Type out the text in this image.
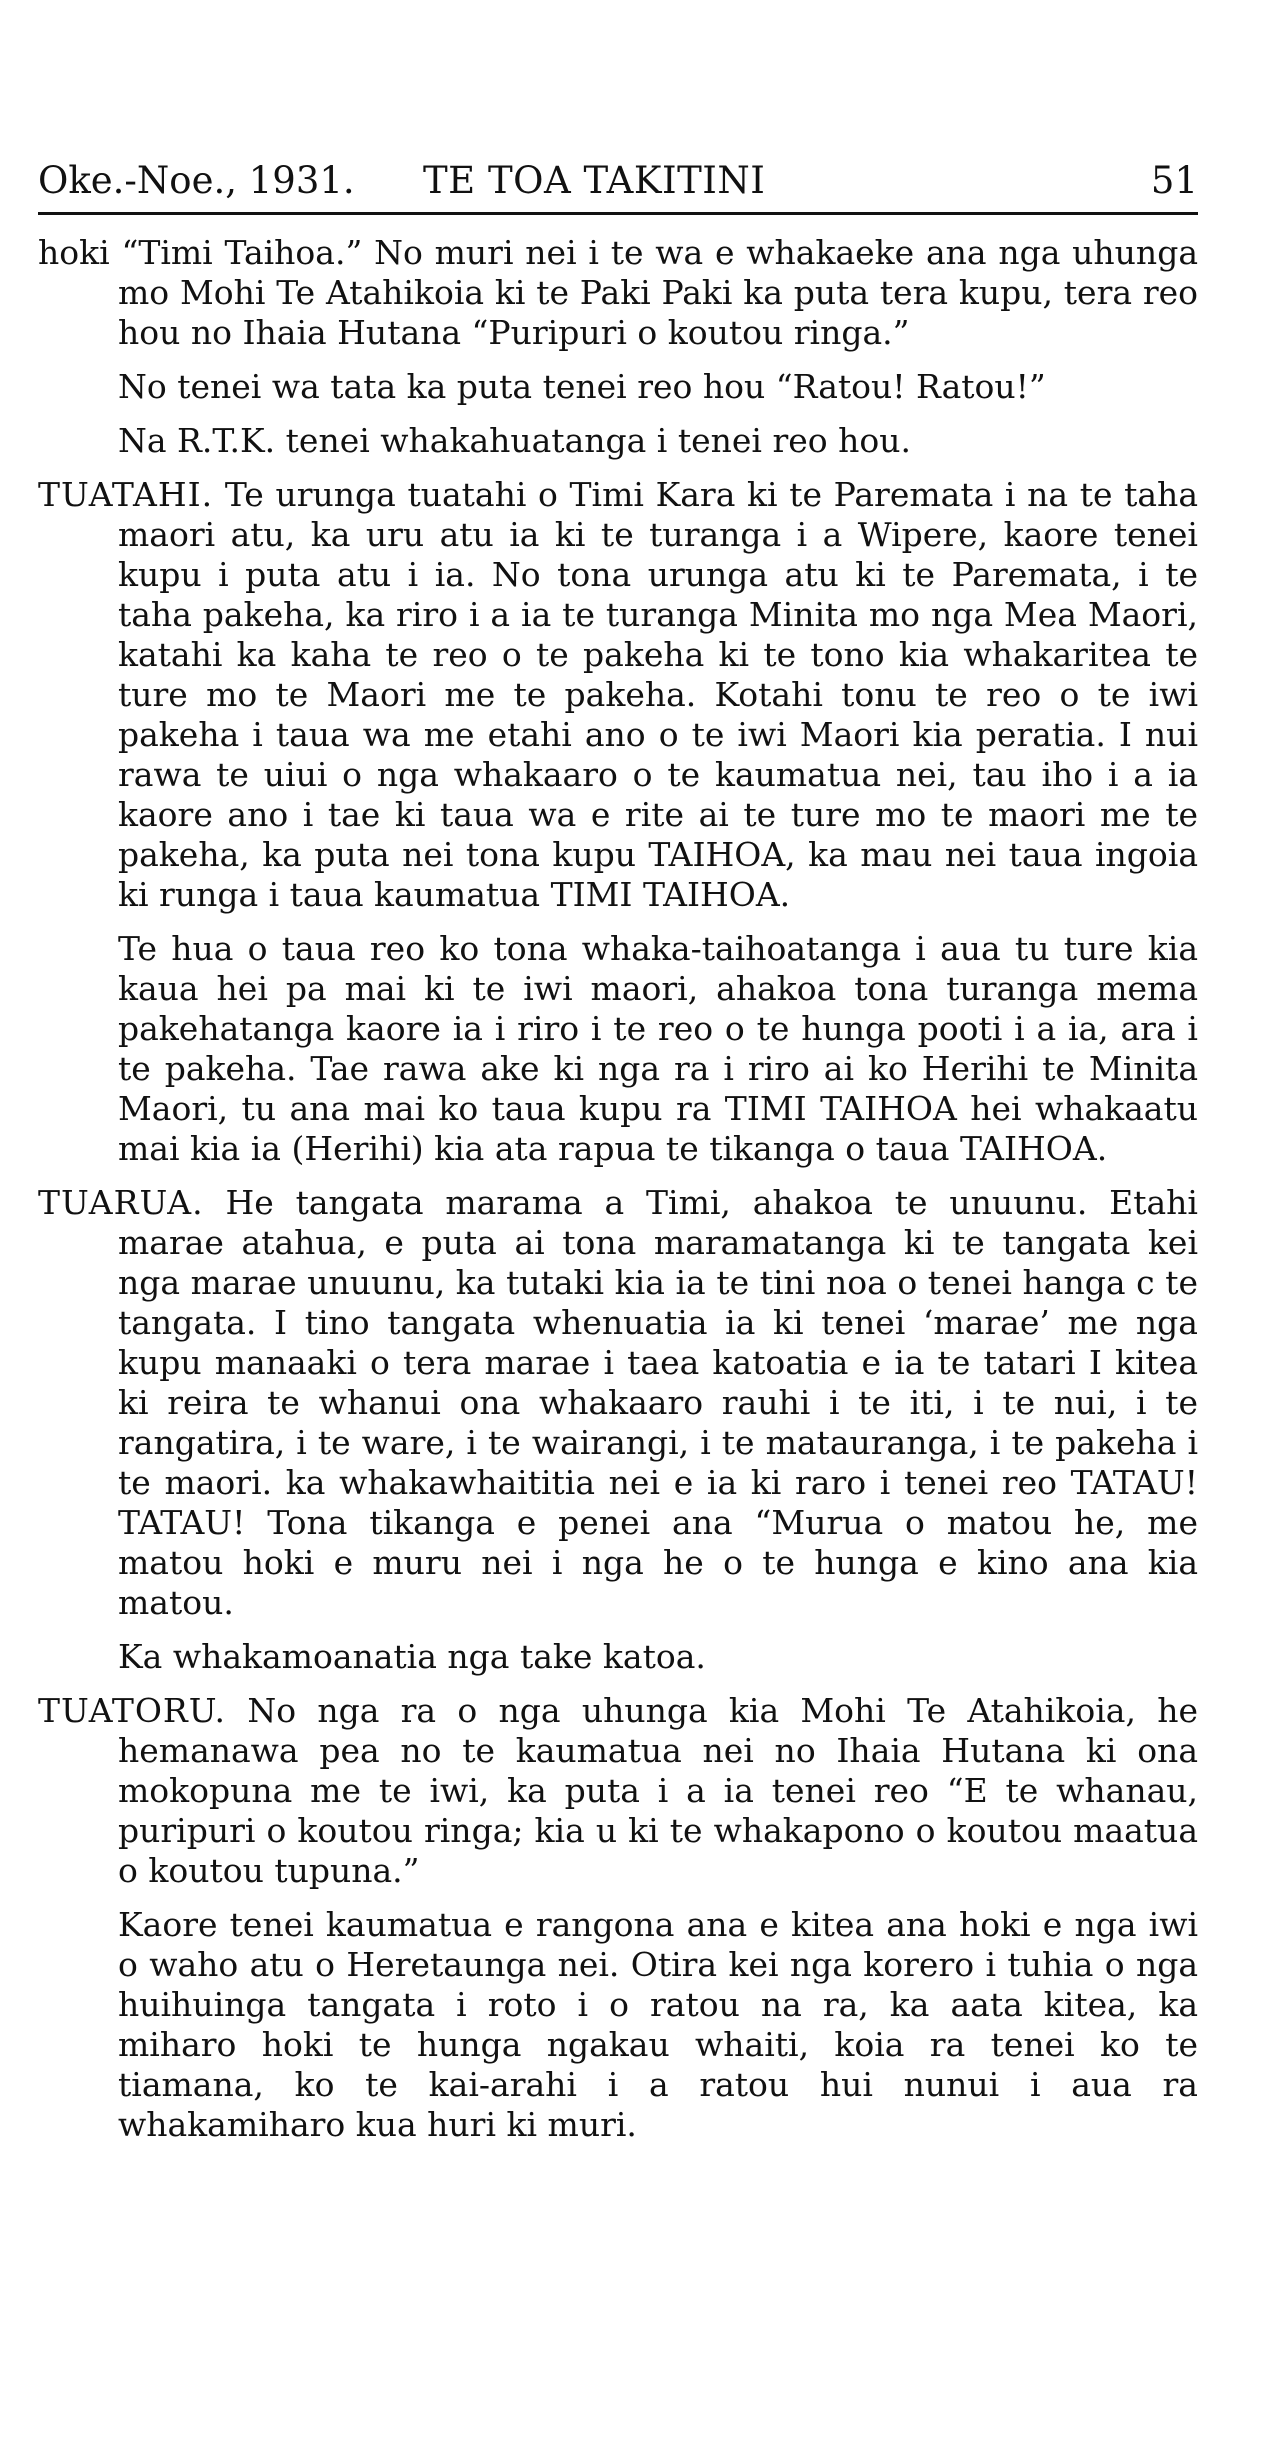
Oke.-Noe., 1931. TE TOA TAKITINI	51

hoki “Timi Taihoa.” No muri nei i te wa e whakaeke ana nga uhunga mo Mohi Te Atahikoia ki te Paki Paki ka puta tera kupu, tera reo hou no Ihaia Hutana “Puripuri o koutou ringa.”

No tenei wa tata ka puta tenei reo hou “Ratou! Ratou!”

Na R.T.K. tenei whakahuatanga i tenei reo hou.

TUATAHI. Te urunga tuatahi o Timi Kara ki te Paremata i na te taha maori atu, ka uru atu ia ki te turanga i a Wipere, kaore tenei kupu i puta atu i ia. No tona urunga atu ki te Paremata, i te taha pakeha, ka riro i a ia te turanga Minita mo nga Mea Maori, katahi ka kaha te reo o te pakeha ki te tono kia whakaritea te ture mo te Maori me te pakeha. Kotahi tonu te reo o te iwi pakeha i taua wa me etahi ano o te iwi Maori kia peratia. I nui rawa te uiui o nga whakaaro o te kaumatua nei, tau iho i a ia kaore ano i tae ki taua wa e rite ai te ture mo te maori me te pakeha, ka puta nei tona kupu TAIHOA, ka mau nei taua ingoia ki runga i taua kaumatua TIMI TAIHOA.

Te hua o taua reo ko tona whaka-taihoatanga i aua tu ture kia kaua hei pa mai ki te iwi maori, ahakoa tona turanga mema pakehatanga kaore ia i riro i te reo o te hunga pooti i a ia, ara i te pakeha. Tae rawa ake ki nga ra i riro ai ko Herihi te Minita Maori, tu ana mai ko taua kupu ra TIMI TAIHOA hei whakaatu mai kia ia (Herihi) kia ata rapua te tikanga o taua TAIHOA.

TUARUA. He tangata marama a Timi, ahakoa te unuunu. Etahi marae atahua, e puta ai tona maramatanga ki te tangata kei nga marae unuunu, ka tutaki kia ia te tini noa o tenei hanga c te tangata. I tino tangata whenuatia ia ki tenei ‘marae’ me nga kupu manaaki o tera marae i taea katoatia e ia te tatari I kitea ki reira te whanui ona whakaaro rauhi i te iti, i te nui, i te rangatira, i te ware, i te wairangi, i te matauranga, i te pakeha i te maori. ka whakawhaititia nei e ia ki raro i tenei reo TATAU! TATAU! Tona tikanga e penei ana “Murua o matou he, me matou hoki e muru nei i nga he o te hunga e kino ana kia matou.

Ka whakamoanatia nga take katoa.

TUATORU. No nga ra o nga uhunga kia Mohi Te Atahikoia, he hemanawa pea no te kaumatua nei no Ihaia Hutana ki ona mokopuna me te iwi, ka puta i a ia tenei reo “E te whanau, puripuri o koutou ringa; kia u ki te whakapono o koutou maatua o koutou tupuna.”

Kaore tenei kaumatua e rangona ana e kitea ana hoki e nga iwi o waho atu o Heretaunga nei. Otira kei nga korero i tuhia o nga huihuinga tangata i roto i o ratou na ra, ka aata kitea, ka miharo hoki te hunga ngakau whaiti, koia ra tenei ko te tiamana, ko te kai-arahi i a ratou hui nunui i aua ra whakamiharo kua huri ki muri.
